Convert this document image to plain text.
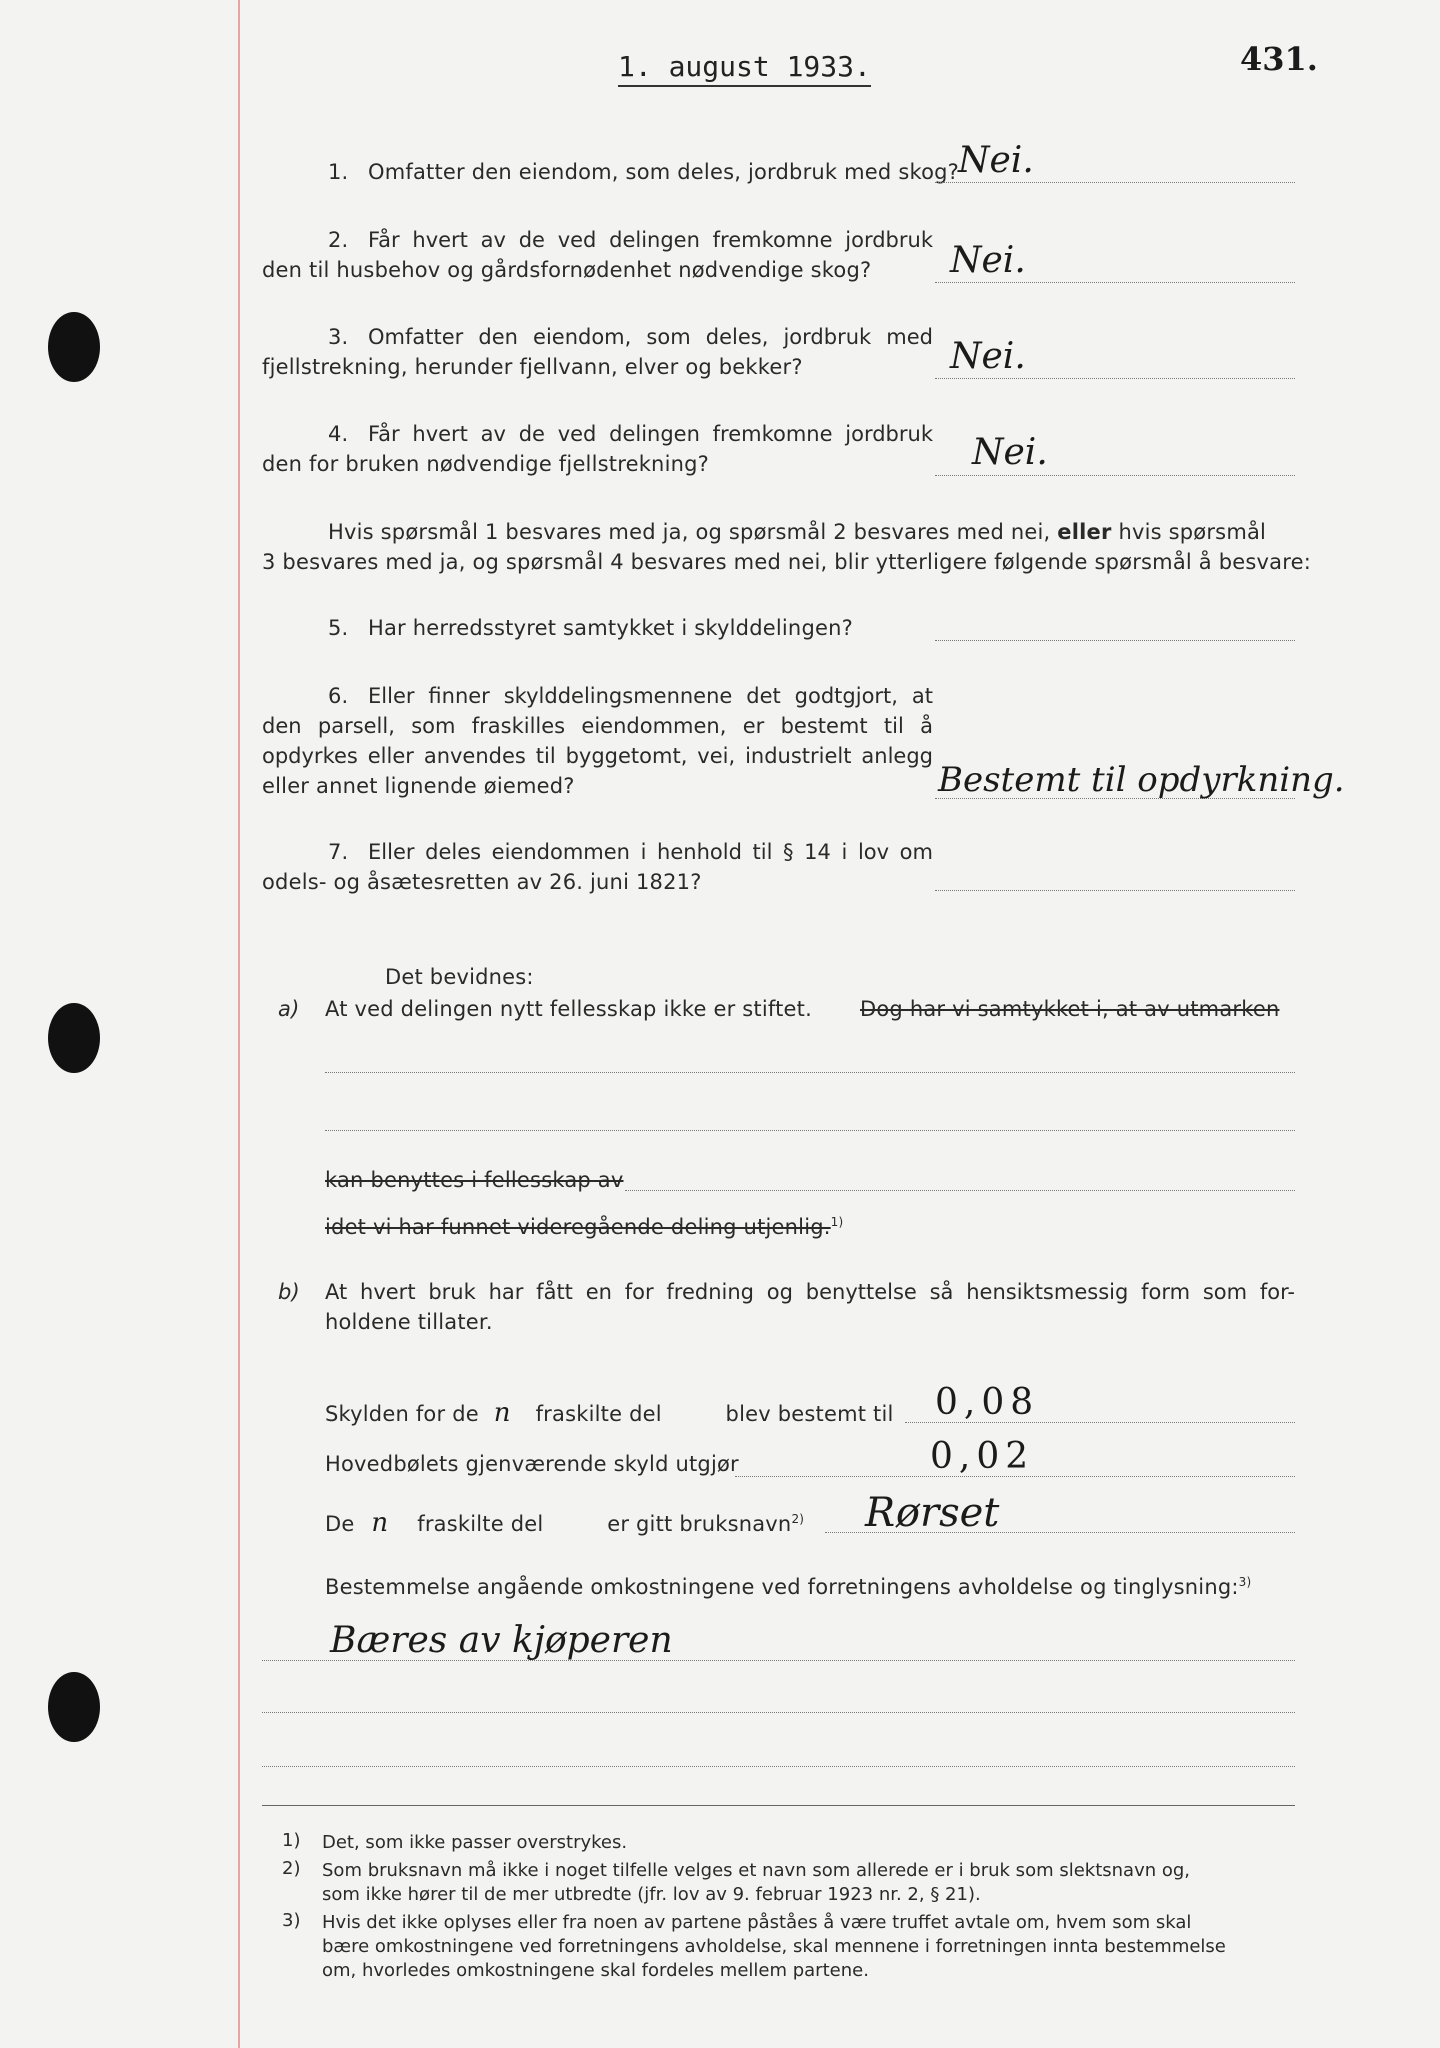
1. august 1933.	431.
1. Omfatter den eiendom, som deles, jordbruk med skog?
Nei.
2. Får hvert av de ved delingen fremkomne jordbruk
den til husbehov og gårdsfornødenhet nødvendige skog? Nei.
3. Omfatter den eiendom, som deles, jordbruk med
fjellstrekning, herunder fjellvann, elver og bekker?	Nei.
4. Får hvert av de ved delingen fremkomne jordbruk
den for bruken nødvendige fjellstrekning?	Nei.
Hvis spørsmål 1 besvares med ja, og spørsmål 2 besvares med nei, eller hvis spørsmål
3 besvares med ja, og spørsmål 4 besvares med nei, blir ytterligere følgende spørsmål å besvare:
5. Har herredsstyret samtykket i skylddelingen?
6. Eller finner skylddelingsmennene det godtgjort, at
den parsell, som fraskilles eiendommen, er bestemt til å
opdyrkes eller anvendes til byggetomt, vei, industrielt anlegg
eller annet lignende øiemed?	Bestemt til opdyrkning.
7. Eller deles eiendommen i henhold til § 14 i lov om
odels- og åsætesretten av 26. juni 1821?
Det bevidnes:
a) At ved delingen nytt fellesskap ikke er stiftet. Dog har vi samtykket i, at av utmarken
kan benyttes i fellesskap av
idet vi har funnet videregående deling utjenlig.$^{1)}$
b) At hvert bruk har fått en for fredning og benyttelse så hensiktsmessig form som for-
holdene tillater.
Skylden for de n fraskilte del	blev bestemt til 0,08
Hovedbølets gjenværende skyld utgjør	0,02
De n fraskilte del	er gitt bruksnavn$^{2)}$ Rørset
Bestemmelse angående omkostningene ved forretningens avholdelse og tinglysning:$^{3)}$
Bæres av kjøperen
1) Det, som ikke passer overstrykes.
2) Som bruksnavn må ikke i noget tilfelle velges et navn som allerede er i bruk som slektsnavn og,
som ikke hører til de mer utbredte (jfr. lov av 9. februar 1923 nr. 2, § 21).
3) Hvis det ikke oplyses eller fra noen av partene påståes å være truffet avtale om, hvem som skal
bære omkostningene ved forretningens avholdelse, skal mennene i forretningen innta bestemmelse
om, hvorledes omkostningene skal fordeles mellem partene.
